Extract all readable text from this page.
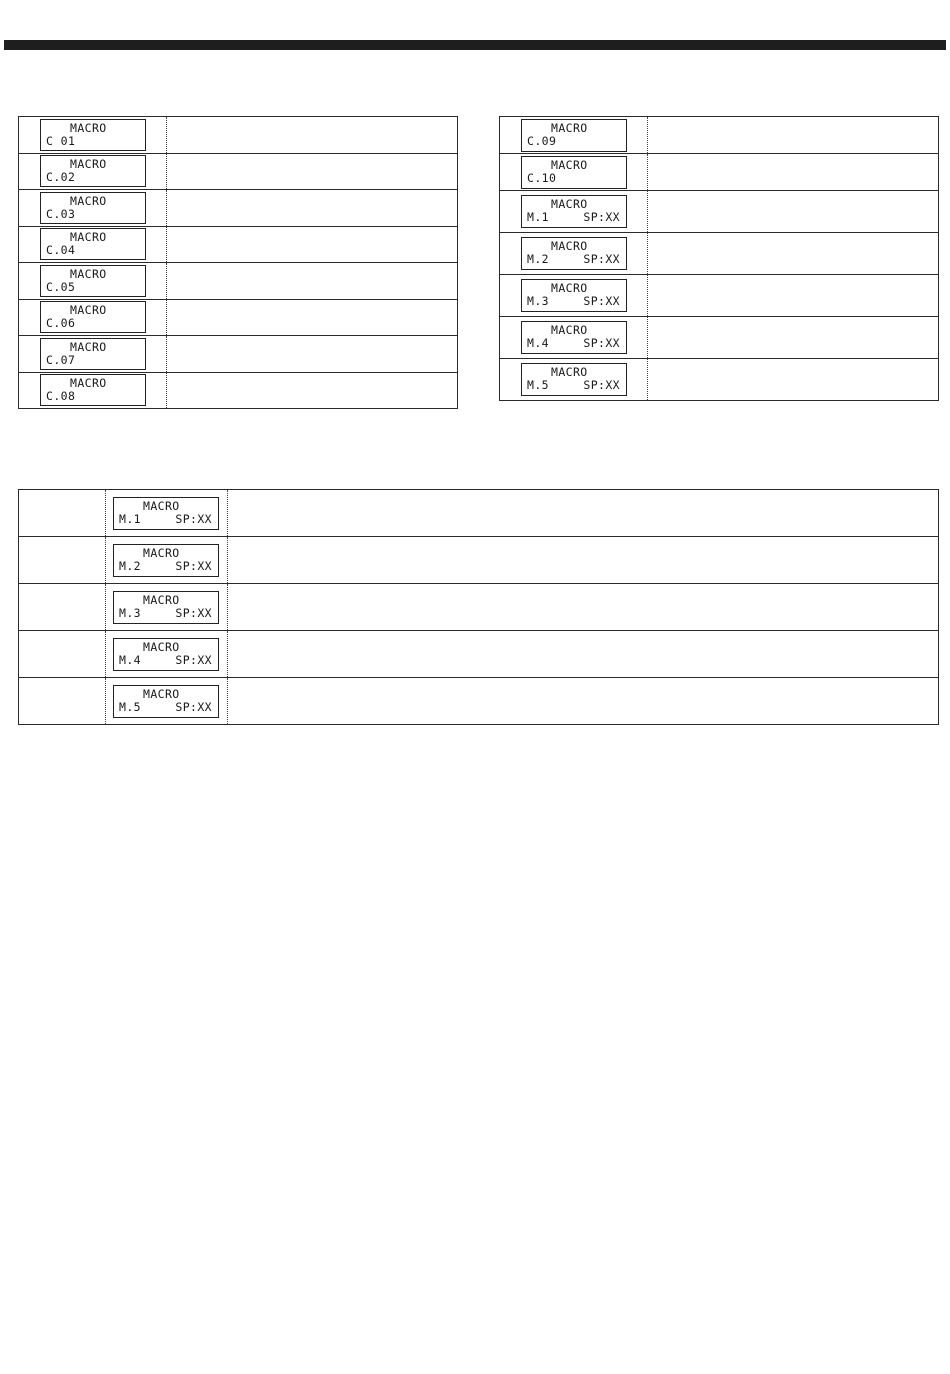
	MACRO
C 01	

	MACRO
C.02	

	MACRO
C.03	

	MACRO
C.04	

	MACRO
C.05	

	MACRO
C.06	

	MACRO
C.07	

	MACRO
C.08	

	MACRO
C.09	

	MACRO
C.10	

	MACRO
M.1 SP:XX	

	MACRO
M.2 SP:XX	

	MACRO
M.3 SP:XX	

	MACRO
M.4 SP:XX	

	MACRO
M.5 SP:XX	

	MACRO
M.1 SP:XX	

	MACRO
M.2 SP:XX	

	MACRO
M.3 SP:XX	

	MACRO
M.4 SP:XX	

	MACRO
M.5 SP:XX	
